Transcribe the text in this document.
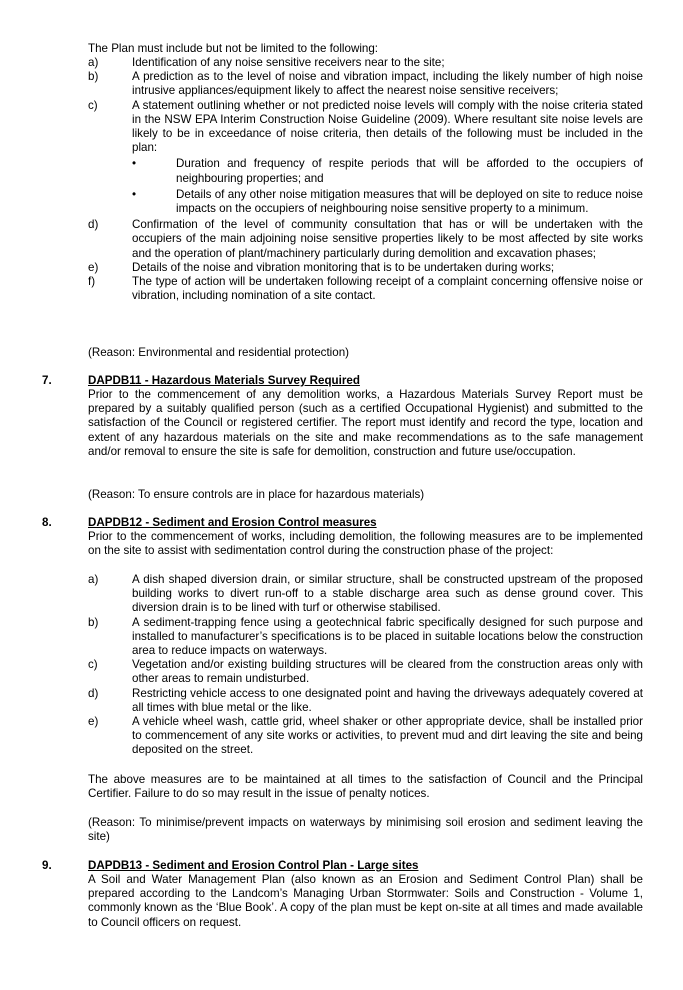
The Plan must include but not be limited to the following:
a)	Identification of any noise sensitive receivers near to the site;
b)	A prediction as to the level of noise and vibration impact, including the likely number of high noise intrusive appliances/equipment likely to affect the nearest noise sensitive receivers;
c)	A statement outlining whether or not predicted noise levels will comply with the noise criteria stated in the NSW EPA Interim Construction Noise Guideline (2009). Where resultant site noise levels are likely to be in exceedance of noise criteria, then details of the following must be included in the plan:
•	Duration and frequency of respite periods that will be afforded to the occupiers of neighbouring properties; and
•	Details of any other noise mitigation measures that will be deployed on site to reduce noise impacts on the occupiers of neighbouring noise sensitive property to a minimum.
d)	Confirmation of the level of community consultation that has or will be undertaken with the occupiers of the main adjoining noise sensitive properties likely to be most affected by site works and the operation of plant/machinery particularly during demolition and excavation phases;
e)	Details of the noise and vibration monitoring that is to be undertaken during works;
f)	The type of action will be undertaken following receipt of a complaint concerning offensive noise or vibration, including nomination of a site contact.
(Reason: Environmental and residential protection)
7.	DAPDB11 - Hazardous Materials Survey Required
Prior to the commencement of any demolition works, a Hazardous Materials Survey Report must be prepared by a suitably qualified person (such as a certified Occupational Hygienist) and submitted to the satisfaction of the Council or registered certifier. The report must identify and record the type, location and extent of any hazardous materials on the site and make recommendations as to the safe management and/or removal to ensure the site is safe for demolition, construction and future use/occupation.
(Reason: To ensure controls are in place for hazardous materials)
8.	DAPDB12 - Sediment and Erosion Control measures
Prior to the commencement of works, including demolition, the following measures are to be implemented on the site to assist with sedimentation control during the construction phase of the project:
a)	A dish shaped diversion drain, or similar structure, shall be constructed upstream of the proposed building works to divert run-off to a stable discharge area such as dense ground cover. This diversion drain is to be lined with turf or otherwise stabilised.
b)	A sediment-trapping fence using a geotechnical fabric specifically designed for such purpose and installed to manufacturer’s specifications is to be placed in suitable locations below the construction area to reduce impacts on waterways.
c)	Vegetation and/or existing building structures will be cleared from the construction areas only with other areas to remain undisturbed.
d)	Restricting vehicle access to one designated point and having the driveways adequately covered at all times with blue metal or the like.
e)	A vehicle wheel wash, cattle grid, wheel shaker or other appropriate device, shall be installed prior to commencement of any site works or activities, to prevent mud and dirt leaving the site and being deposited on the street.
The above measures are to be maintained at all times to the satisfaction of Council and the Principal Certifier. Failure to do so may result in the issue of penalty notices.
(Reason: To minimise/prevent impacts on waterways by minimising soil erosion and sediment leaving the site)
9.	DAPDB13 - Sediment and Erosion Control Plan - Large sites
A Soil and Water Management Plan (also known as an Erosion and Sediment Control Plan) shall be prepared according to the Landcom’s Managing Urban Stormwater: Soils and Construction - Volume 1, commonly known as the ‘Blue Book’. A copy of the plan must be kept on-site at all times and made available to Council officers on request.
